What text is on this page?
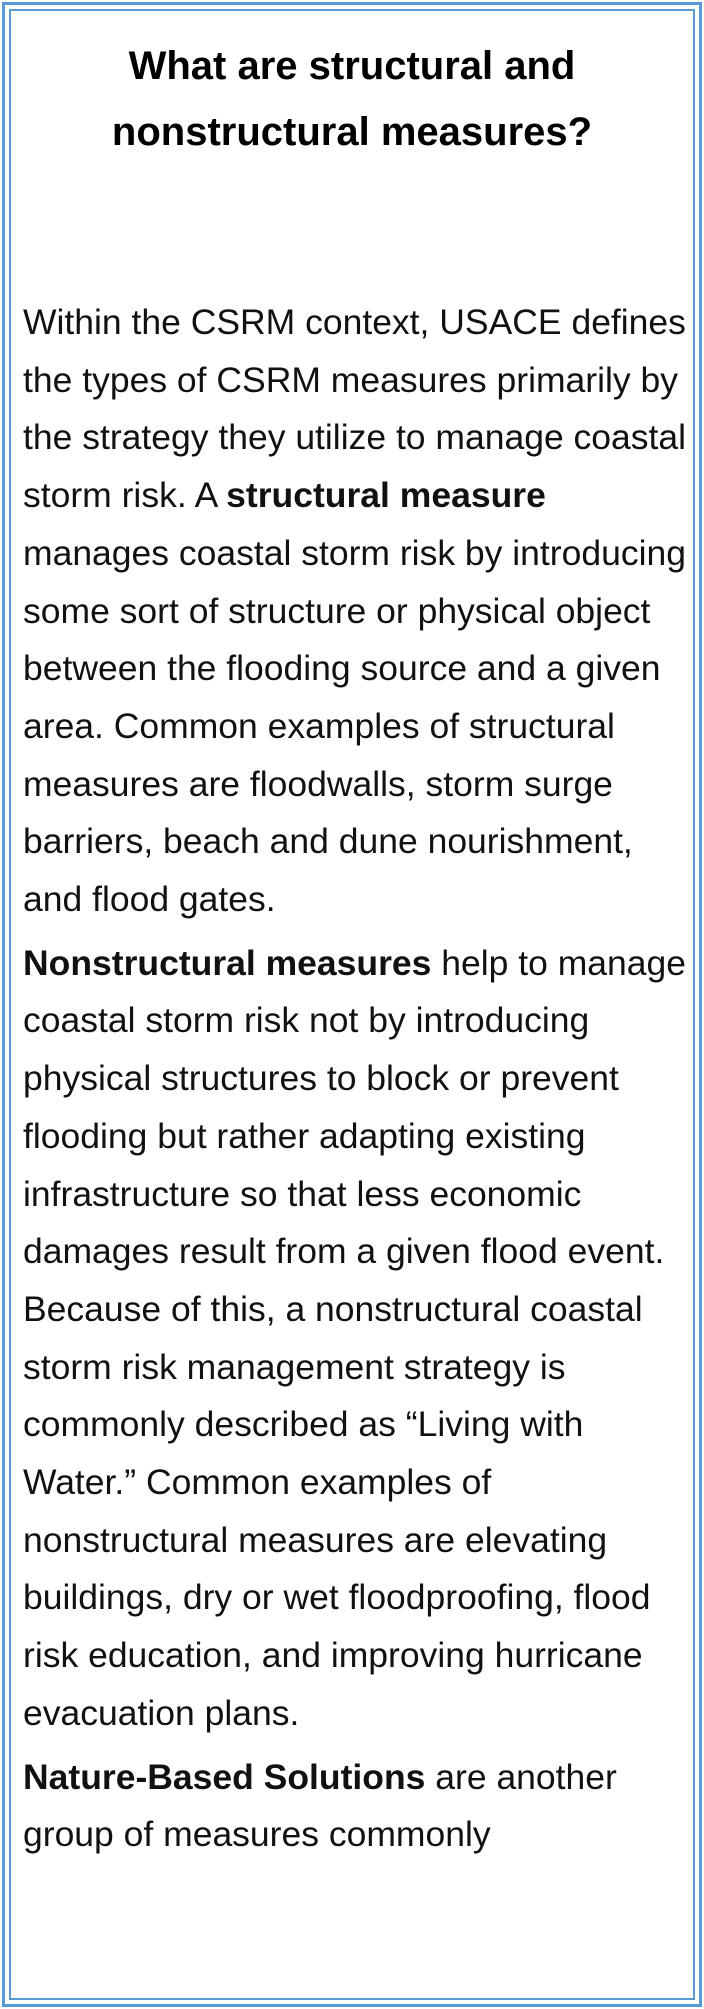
What are structural and nonstructural measures?

Within the CSRM context, USACE defines the types of CSRM measures primarily by the strategy they utilize to manage coastal storm risk. A structural measure manages coastal storm risk by introducing some sort of structure or physical object between the flooding source and a given area. Common examples of structural measures are floodwalls, storm surge barriers, beach and dune nourishment, and flood gates.

Nonstructural measures help to manage coastal storm risk not by introducing physical structures to block or prevent flooding but rather adapting existing infrastructure so that less economic damages result from a given flood event. Because of this, a nonstructural coastal storm risk management strategy is commonly described as “Living with Water.” Common examples of nonstructural measures are elevating buildings, dry or wet floodproofing, flood risk education, and improving hurricane evacuation plans.

Nature-Based Solutions are another group of measures commonly
